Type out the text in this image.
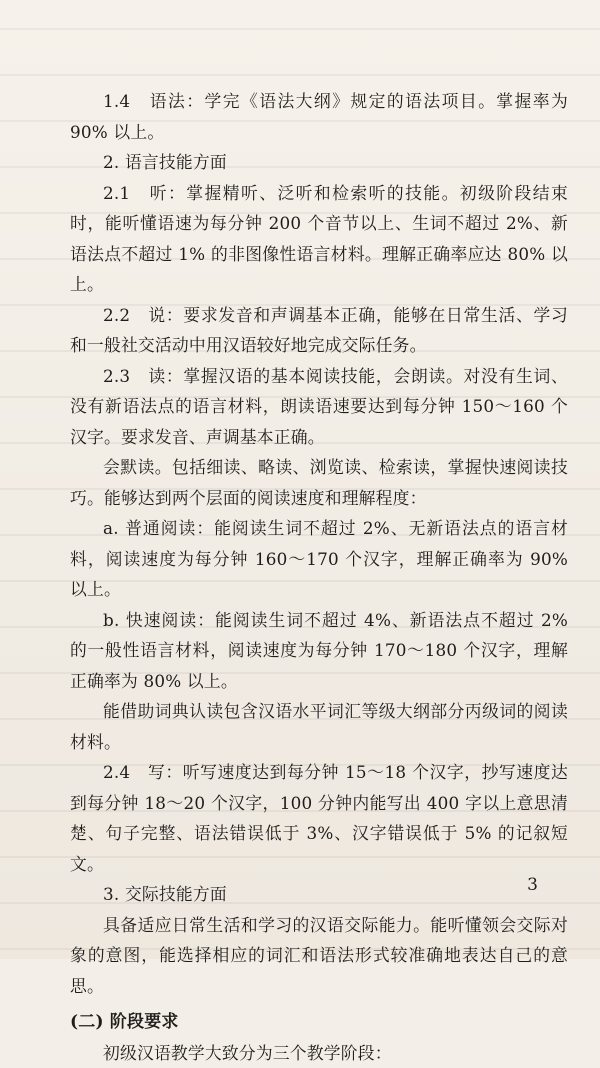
1.4　语法：学完《语法大纲》规定的语法项目。掌握率为 90% 以上。

2. 语言技能方面

2.1　听：掌握精听、泛听和检索听的技能。初级阶段结束时，能听懂语速为每分钟 200 个音节以上、生词不超过 2%、新语法点不超过 1% 的非图像性语言材料。理解正确率应达 80% 以上。

2.2　说：要求发音和声调基本正确，能够在日常生活、学习和一般社交活动中用汉语较好地完成交际任务。

2.3　读：掌握汉语的基本阅读技能，会朗读。对没有生词、没有新语法点的语言材料，朗读语速要达到每分钟 150～160 个汉字。要求发音、声调基本正确。

会默读。包括细读、略读、浏览读、检索读，掌握快速阅读技巧。能够达到两个层面的阅读速度和理解程度：

a. 普通阅读：能阅读生词不超过 2%、无新语法点的语言材料，阅读速度为每分钟 160～170 个汉字，理解正确率为 90% 以上。

b. 快速阅读：能阅读生词不超过 4%、新语法点不超过 2% 的一般性语言材料，阅读速度为每分钟 170～180 个汉字，理解正确率为 80% 以上。

能借助词典认读包含汉语水平词汇等级大纲部分丙级词的阅读材料。

2.4　写：听写速度达到每分钟 15～18 个汉字，抄写速度达到每分钟 18～20 个汉字，100 分钟内能写出 400 字以上意思清楚、句子完整、语法错误低于 3%、汉字错误低于 5% 的记叙短文。

3. 交际技能方面

具备适应日常生活和学习的汉语交际能力。能听懂领会交际对象的意图，能选择相应的词汇和语法形式较准确地表达自己的意思。

(二) 阶段要求

初级汉语教学大致分为三个教学阶段：

3
